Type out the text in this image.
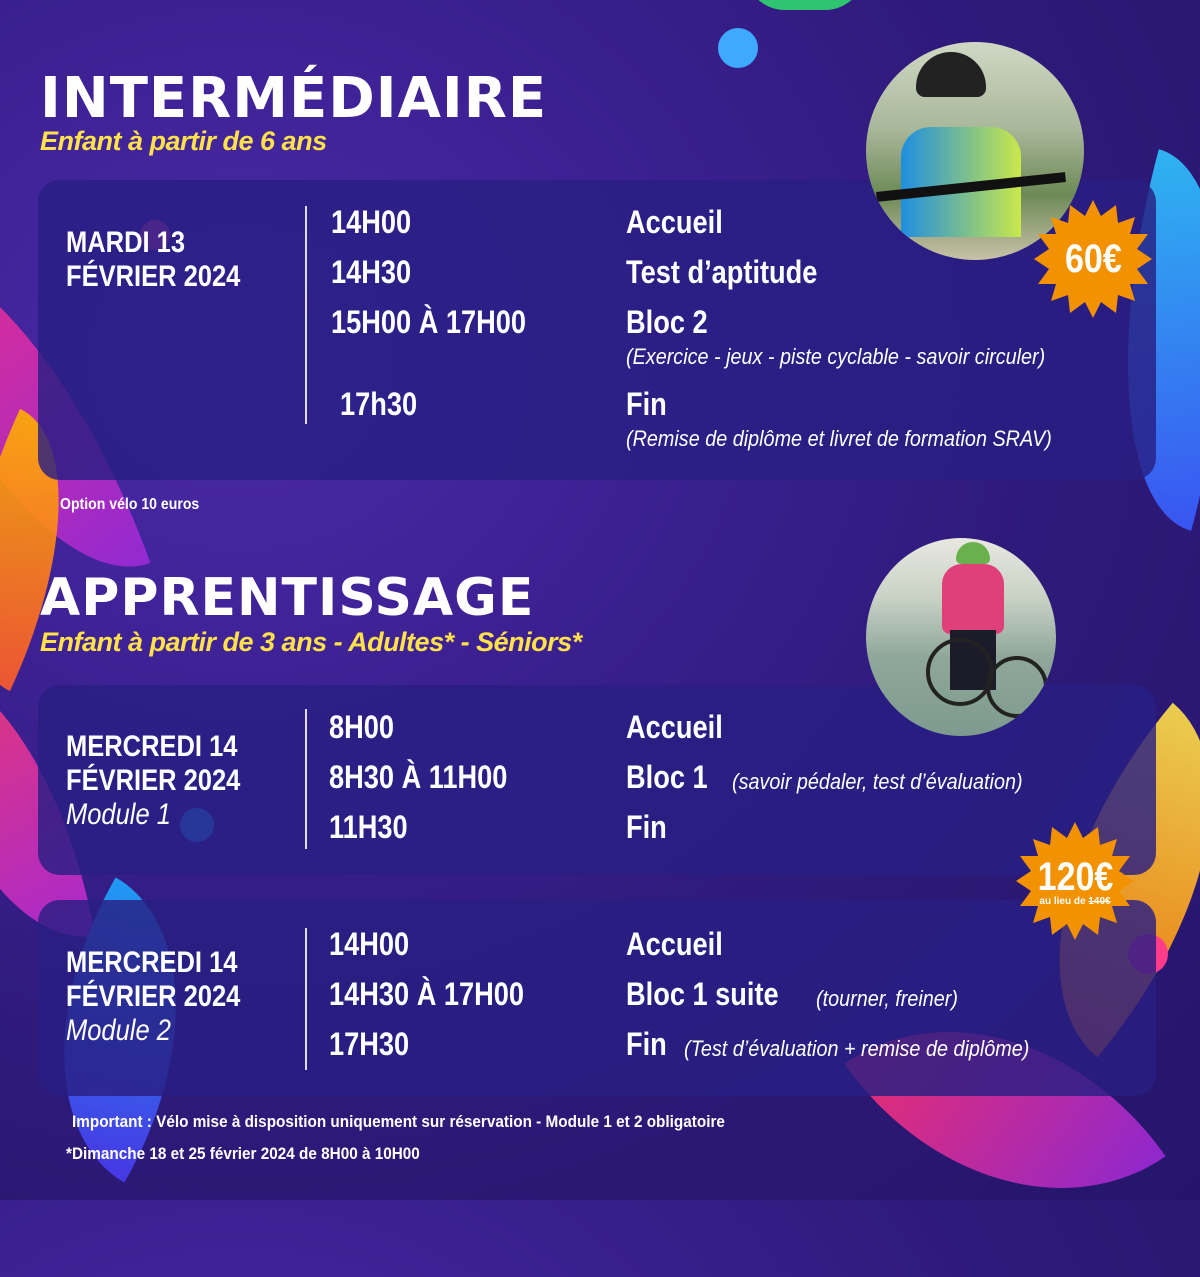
INTERMÉDIAIRE
Enfant à partir de 6 ans
MARDI 13
FÉVRIER 2024
14H00	Accueil
14H30	Test d’aptitude
15H00 À 17H00	Bloc 2
(Exercice - jeux - piste cyclable - savoir circuler)
17h30	Fin
(Remise de diplôme et livret de formation SRAV)
Option vélo 10 euros
60€
APPRENTISSAGE
Enfant à partir de 3 ans - Adultes* - Séniors*
MERCREDI 14
FÉVRIER 2024
Module 1
8H00	Accueil
8H30 À 11H00	Bloc 1 (savoir pédaler, test d’évaluation)
11H30	Fin
MERCREDI 14
FÉVRIER 2024
Module 2
14H00	Accueil
14H30 À 17H00	Bloc 1 suite (tourner, freiner)
17H30	Fin (Test d’évaluation + remise de diplôme)
120€
au lieu de 140€
Important : Vélo mise à disposition uniquement sur réservation - Module 1 et 2 obligatoire
*Dimanche 18 et 25 février 2024 de 8H00 à 10H00
